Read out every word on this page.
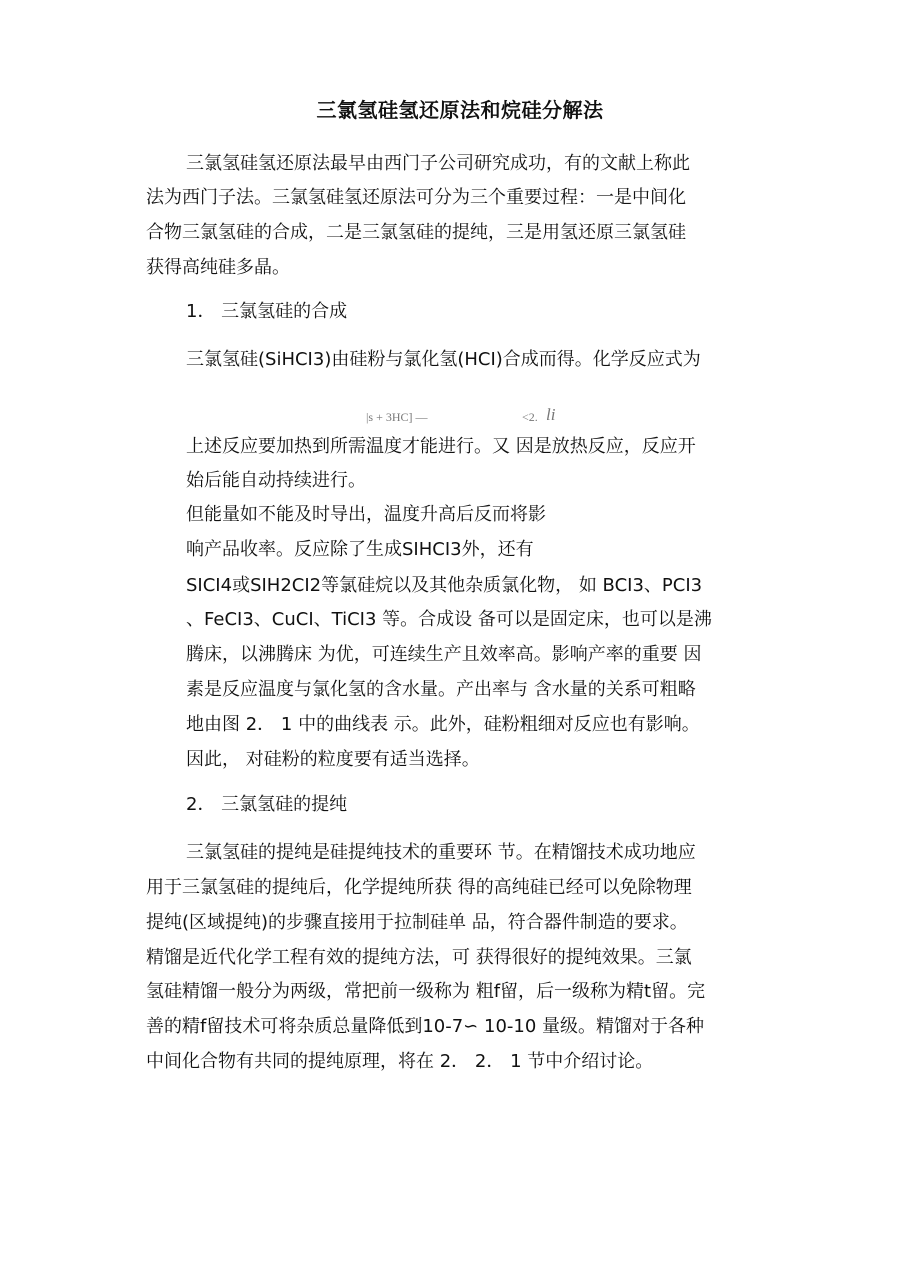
三氯氢硅氢还原法和烷硅分解法
三氯氢硅氢还原法最早由西门子公司研究成功，有的文献上称此
法为西门子法。三氯氢硅氢还原法可分为三个重要过程：一是中间化
合物三氯氢硅的合成，二是三氯氢硅的提纯，三是用氢还原三氯氢硅
获得高纯硅多晶。
1． 三氯氢硅的合成
三氯氢硅(SiHCI3)由硅粉与氯化氢(HCI)合成而得。化学反应式为
|s + 3HC] —	<2. li
上述反应要加热到所需温度才能进行。又 因是放热反应，反应开
始后能自动持续进行。
但能量如不能及时导出，温度升高后反而将影
响产品收率。反应除了生成SIHCI3外，还有
SICI4或SIH2CI2等氯硅烷以及其他杂质氯化物， 如 BCI3、PCI3
、FeCI3、CuCI、TiCI3 等。合成设 备可以是固定床，也可以是沸
腾床，以沸腾床 为优，可连续生产且效率高。影响产率的重要 因
素是反应温度与氯化氢的含水量。产出率与 含水量的关系可粗略
地由图 2． 1 中的曲线表 示。此外，硅粉粗细对反应也有影响。
因此， 对硅粉的粒度要有适当选择。
2． 三氯氢硅的提纯
三氯氢硅的提纯是硅提纯技术的重要环 节。在精馏技术成功地应
用于三氯氢硅的提纯后，化学提纯所获 得的高纯硅已经可以免除物理
提纯(区域提纯)的步骤直接用于拉制硅单 品，符合器件制造的要求。
精馏是近代化学工程有效的提纯方法，可 获得很好的提纯效果。三氯
氢硅精馏一般分为两级，常把前一级称为 粗f留，后一级称为精t留。完
善的精f留技术可将杂质总量降低到10-7∽ 10-10 量级。精馏对于各种
中间化合物有共同的提纯原理，将在 2． 2． 1 节中介绍讨论。
